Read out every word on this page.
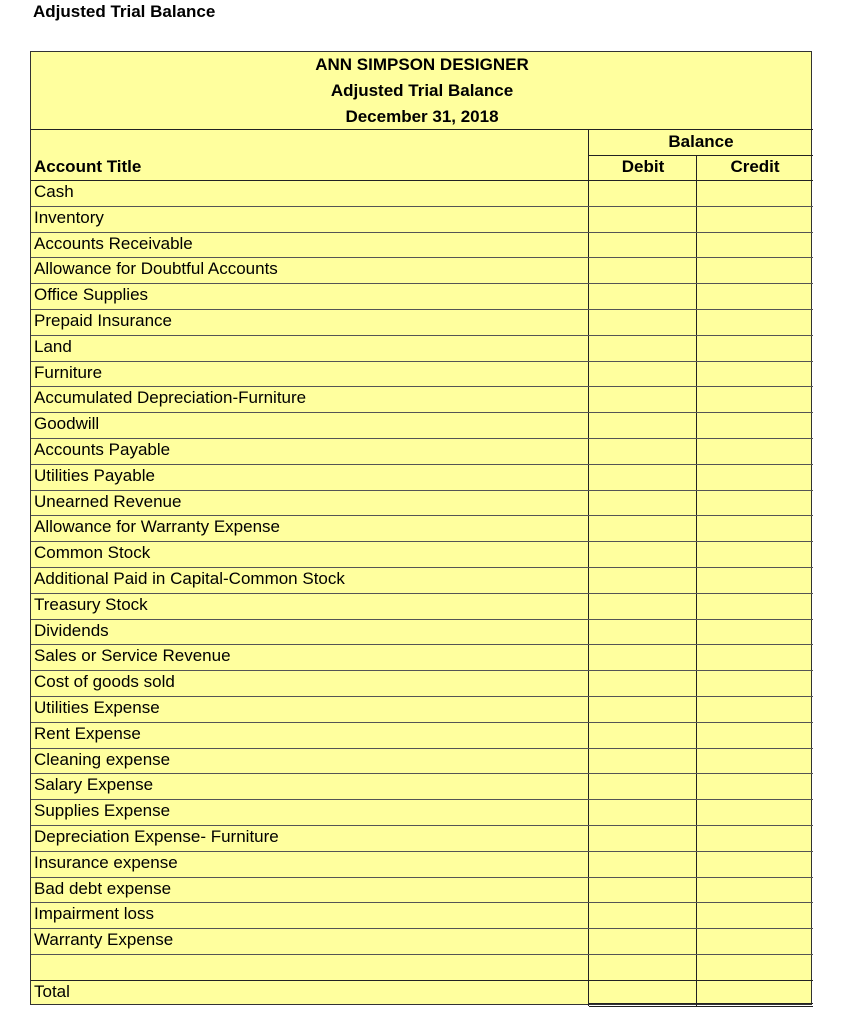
Adjusted Trial Balance
ANN SIMPSON DESIGNER
Adjusted Trial Balance
December 31, 2018
Balance
Account Title	Debit	Credit
Cash
Inventory
Accounts Receivable
Allowance for Doubtful Accounts
Office Supplies
Prepaid Insurance
Land
Furniture
Accumulated Depreciation-Furniture
Goodwill
Accounts Payable
Utilities Payable
Unearned Revenue
Allowance for Warranty Expense
Common Stock
Additional Paid in Capital-Common Stock
Treasury Stock
Dividends
Sales or Service Revenue
Cost of goods sold
Utilities Expense
Rent Expense
Cleaning expense
Salary Expense
Supplies Expense
Depreciation Expense- Furniture
Insurance expense
Bad debt expense
Impairment loss
Warranty Expense
Total
